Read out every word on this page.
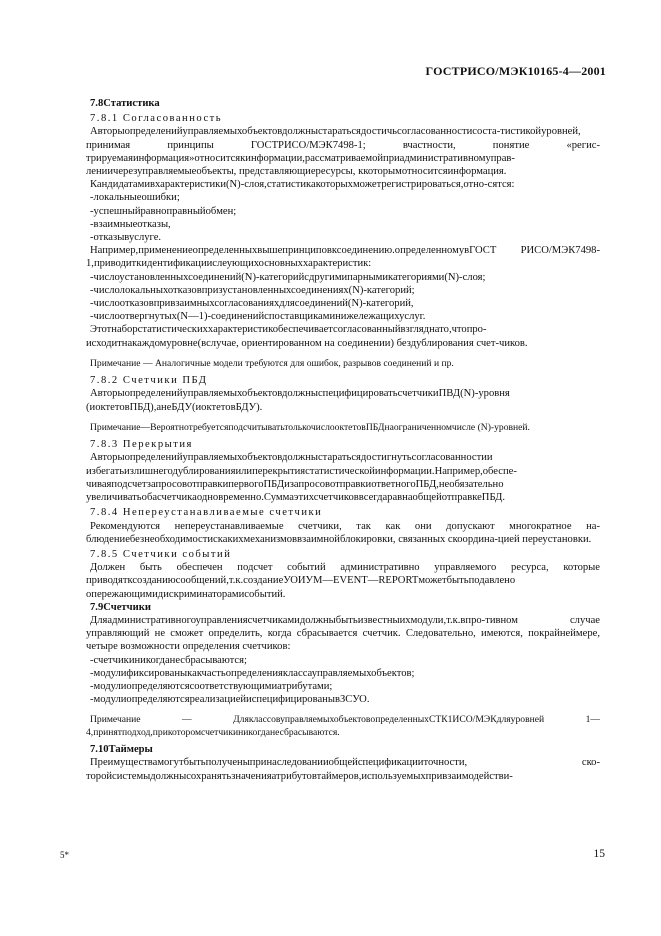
ГОСТРИСО/МЭК10165-4—2001

7.8Статистика

7.8.1 Согласованность

Авторыопределенийуправляемыхобъектовдолжныстаратьсядостичьсогласованностисоста-тистикойуровней, принимая принципы ГОСТРИСО/МЭК7498-1; вчастности, понятие «регис-трируемаяинформация»относитсякинформации,рассматриваемойприадминистративномуправ-лениичерезуправляемыеобъекты, представляющиересурсы, ккоторымотноситсяинформация.

Кандидатамивхарактеристики(N)-слоя,статистикакоторыхможетрегистрироваться,отно-сятся:

-локальныеошибки;

-успешныйравноправныйобмен;

-взаимныеотказы,

-отказывуслуге.

Например,применениеопределенныхвышепринциповксоединению.определенномувГОСТ РИСО/МЭК7498-1,приводиткидентификациислеующихосновныххарактеристик:

-числоустановленныхсоединений(N)-категорийсдругимипарнымикатегориями(N)-слоя;

-числолокальныхотказовпризустановленныхсоединениях(N)-категорий;

-числоотказовпривзаимныхсогласованияхдлясоединений(N)-категорий,

-числоотвергнутых(N—1)-соединенийспоставщикаминижележащихуслуг.

Этотнаборстатистическиххарактеристикобеспечиваетсогласованныйвзгляднато,чтопро-исходитнакаждомуровне(вслучае, ориентированном на соединении) бездублирования счет-чиков.

Примечание — Аналогичные модели требуются для ошибок, разрывов соединений и пр.

7.8.2 Счетчики ПБД

АвторыопределенийуправляемыхобъектовдолжныспецифицироватьсчетчикиПВД(N)-уровня (иоктетовПБД),анеБДУ(иоктетовБДУ).

Примечание—ВероятнотребуетсяподсчитыватьтолькочислооктетовПБДнаограниченномчисле (N)-уровней.

7.8.3 Перекрытия

Авторыопределенийуправляемыхобъектовдолжныстаратьсядостигнутьсогласованностии избегатьизлишнегодублированияилиперекрытиястатистическойинформации.Например,обеспе-чиваяподсчетзапросовотправкипервогоПБДизапросовотправкиответногоПБД,необязательно увеличиватьобасчетчикаодновременно.СуммаэтихсчетчиковвсегдаравнаобщейотправкеПБД.

7.8.4 Непереустанавливаемые счетчики

Рекомендуются непереустанавливаемые счетчики, так как они допускают многократное на-блюдениебезнеобходимостискакихмеханизмоввзаимнойблокировки, связанных скоордина-цией переустановки.

7.8.5 Счетчики событий

Должен быть обеспечен подсчет событий административно управляемого ресурса, которые приводятксозданиюсообщений,т.к.созданиеУОИУМ—EVENT—REPORTможетбытьподавлено опережающимидискриминаторамисобытий.

7.9Счетчики

Дляадминистративногоуправлениясчетчикамидолжныбытьизвестныихмодули,т.к.впро-тивном случае управляющий не сможет определить, когда сбрасывается счетчик. Следовательно, имеются, покрайнеймере, четыре возможности определения счетчиков:

-счетчикиникогданесбрасываются;

-модулификсированыкакчастьопределенияклассауправляемыхобъектов;

-модулиопределяютсясоответствующимиатрибутами;

-модулиопределяютсяреализациейиспецифицированывЗСУО.

Примечание — ДляклассовуправляемыхобъектовопределенныхСТК1ИСО/МЭКдляуровней 1—4,принятподход,прикоторомсчетчикиникогданесбрасываются.

7.10Таймеры

Преимуществамогутбытьполученыпринаследованииобщейспецификацииточности, ско-торойсистемыдолжнысохранятьзначенияатрибутовтаймеров,используемыхпривзаимодействи-

5*	15
